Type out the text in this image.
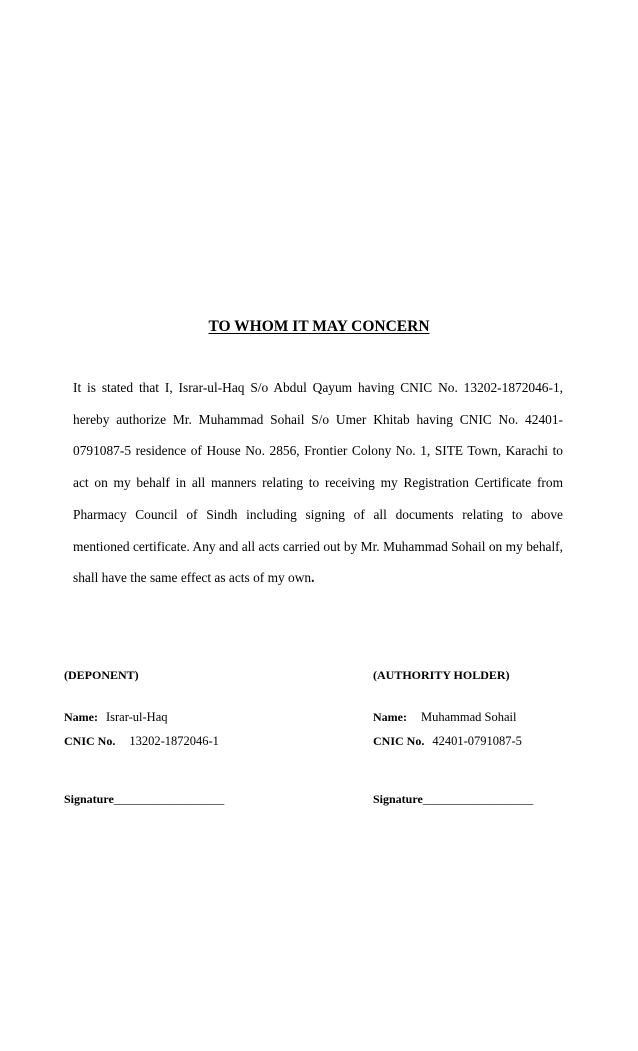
TO WHOM IT MAY CONCERN

It is stated that I, Israr-ul-Haq S/o Abdul Qayum having CNIC No. 13202-1872046-1, hereby authorize Mr. Muhammad Sohail S/o Umer Khitab having CNIC No. 42401-0791087-5 residence of House No. 2856, Frontier Colony No. 1, SITE Town, Karachi to act on my behalf in all manners relating to receiving my Registration Certificate from Pharmacy Council of Sindh including signing of all documents relating to above mentioned certificate. Any and all acts carried out by Mr. Muhammad Sohail on my behalf, shall have the same effect as acts of my own.

(DEPONENT)
Name: Israr-ul-Haq
CNIC No. 13202-1872046-1
Signature____________________
(AUTHORITY HOLDER)
Name: Muhammad Sohail
CNIC No. 42401-0791087-5
Signature____________________
